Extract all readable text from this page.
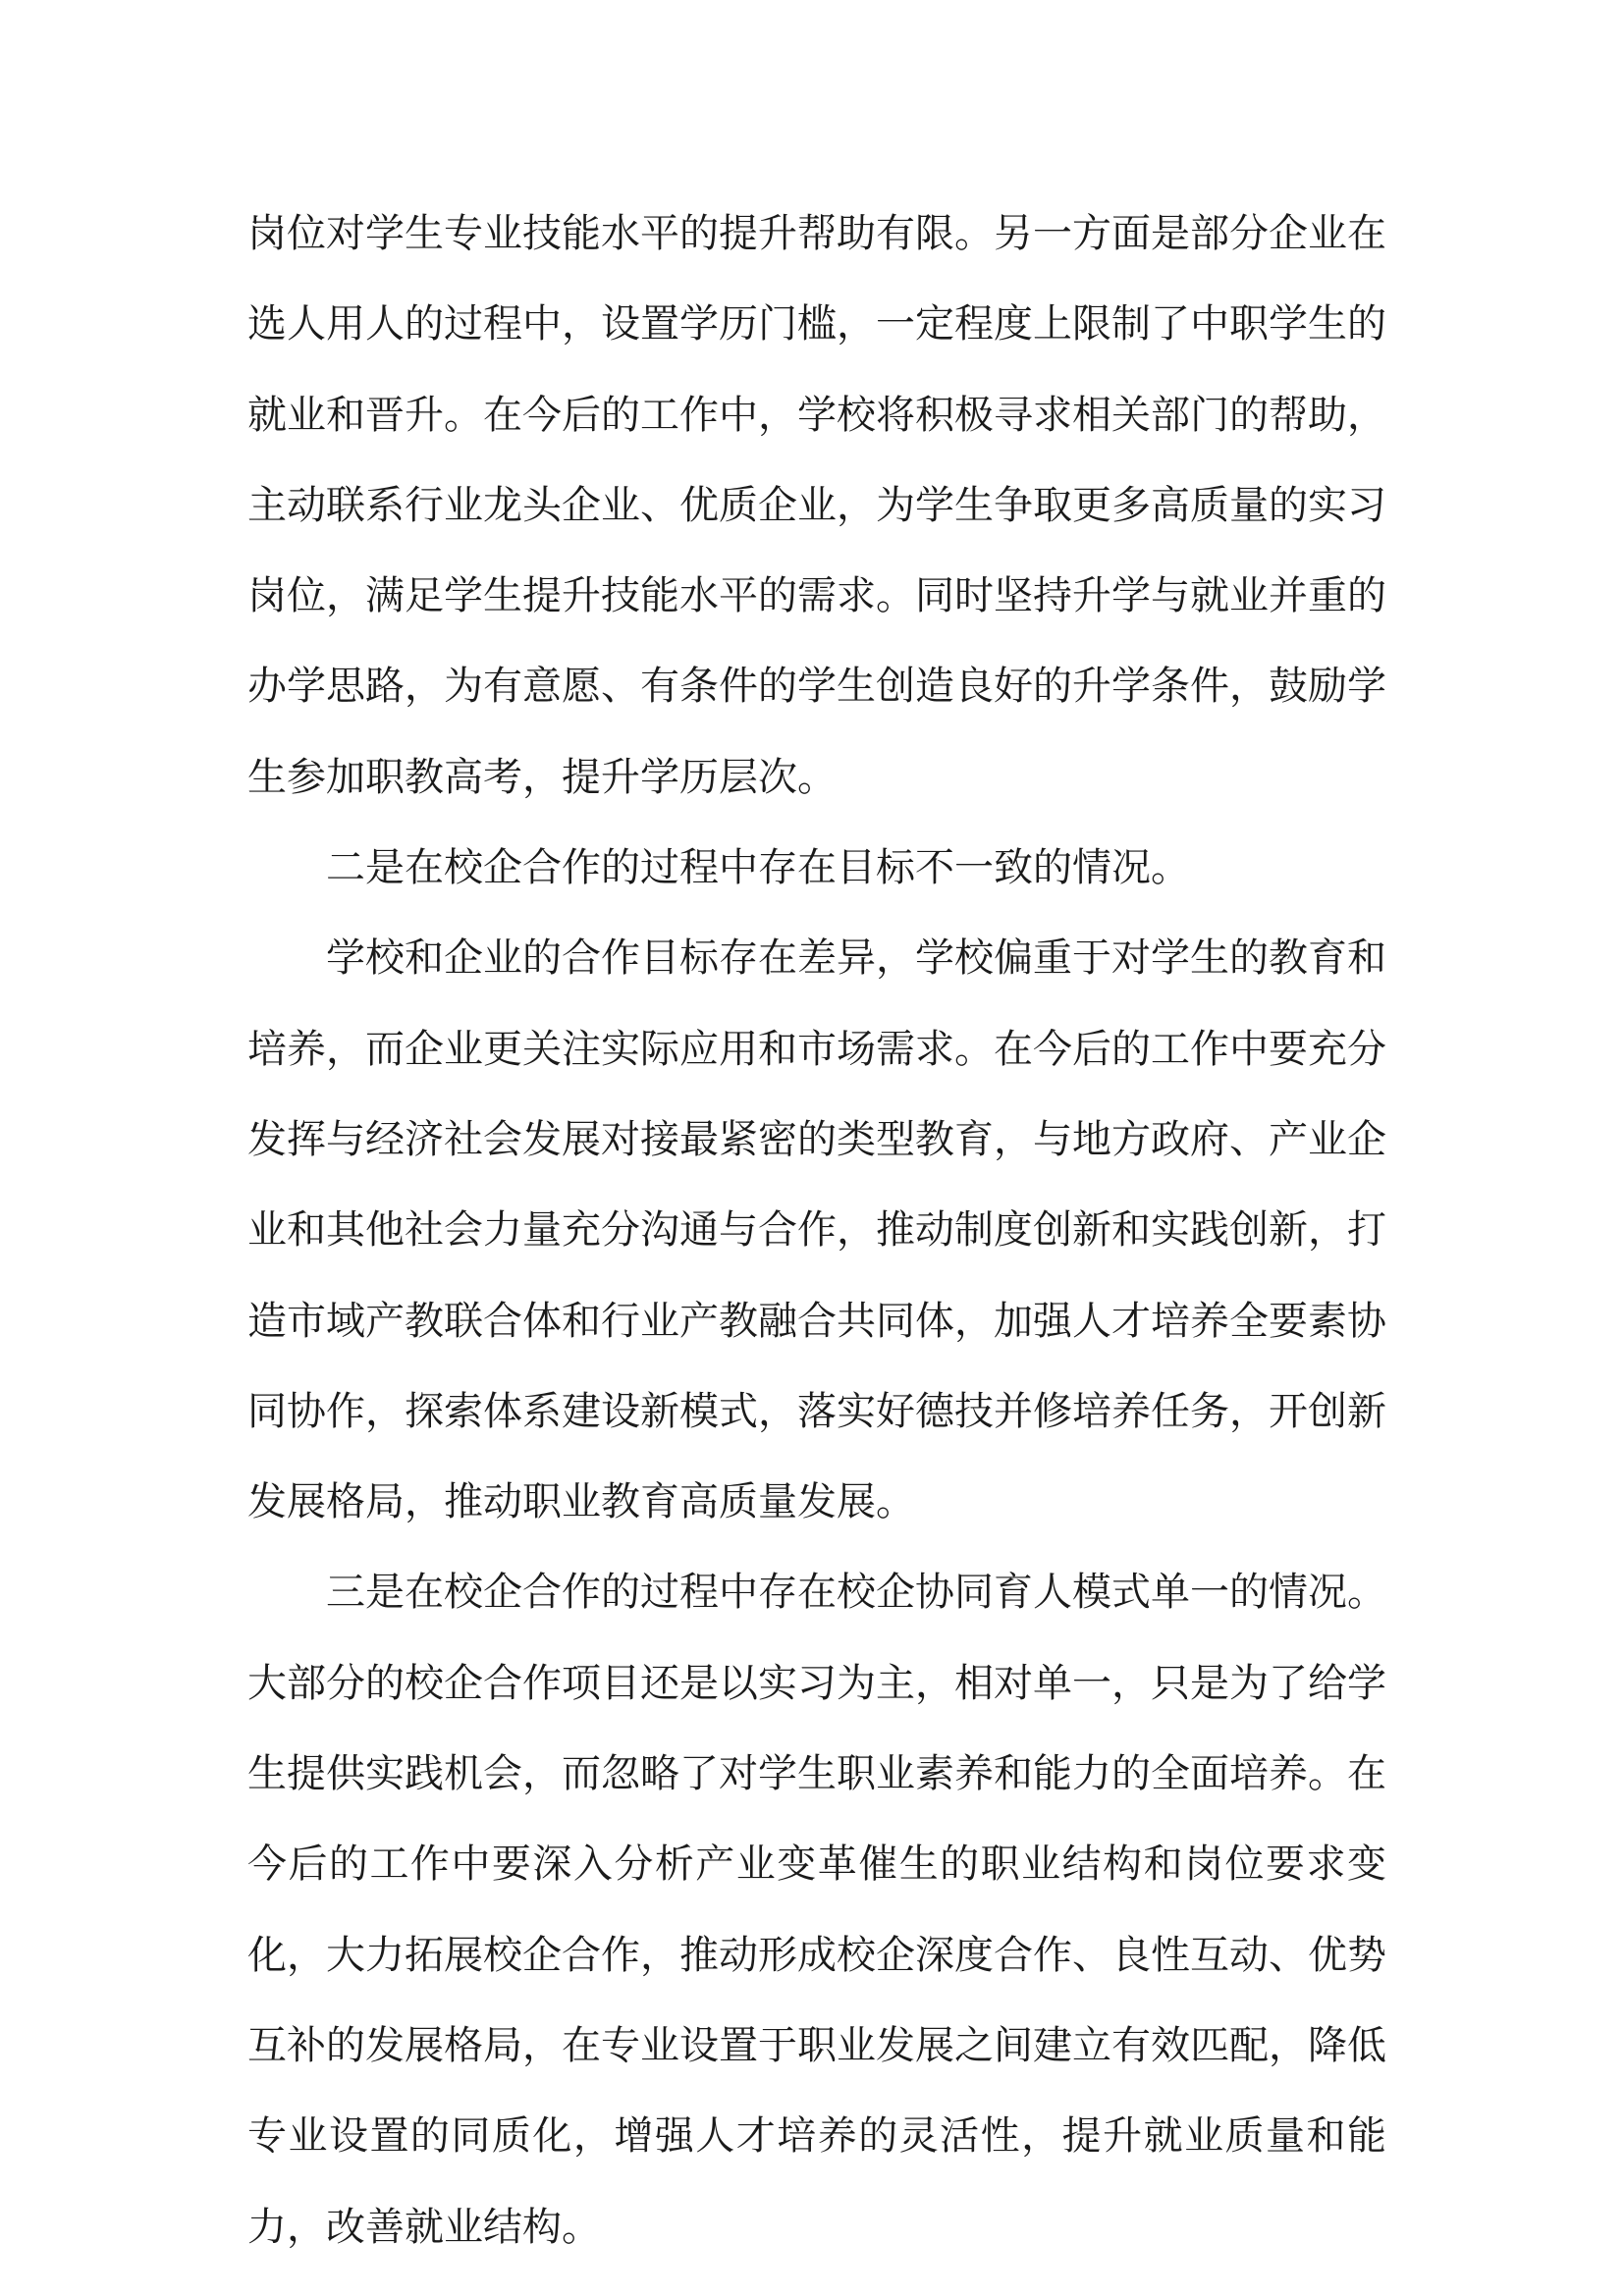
岗位对学生专业技能水平的提升帮助有限。另一方面是部分企业在选人用人的过程中，设置学历门槛，一定程度上限制了中职学生的就业和晋升。在今后的工作中，学校将积极寻求相关部门的帮助，主动联系行业龙头企业、优质企业，为学生争取更多高质量的实习岗位，满足学生提升技能水平的需求。同时坚持升学与就业并重的办学思路，为有意愿、有条件的学生创造良好的升学条件，鼓励学生参加职教高考，提升学历层次。

二是在校企合作的过程中存在目标不一致的情况。

学校和企业的合作目标存在差异，学校偏重于对学生的教育和培养，而企业更关注实际应用和市场需求。在今后的工作中要充分发挥与经济社会发展对接最紧密的类型教育，与地方政府、产业企业和其他社会力量充分沟通与合作，推动制度创新和实践创新，打造市域产教联合体和行业产教融合共同体，加强人才培养全要素协同协作，探索体系建设新模式，落实好德技并修培养任务，开创新发展格局，推动职业教育高质量发展。

三是在校企合作的过程中存在校企协同育人模式单一的情况。大部分的校企合作项目还是以实习为主，相对单一，只是为了给学生提供实践机会，而忽略了对学生职业素养和能力的全面培养。在今后的工作中要深入分析产业变革催生的职业结构和岗位要求变化，大力拓展校企合作，推动形成校企深度合作、良性互动、优势互补的发展格局，在专业设置于职业发展之间建立有效匹配，降低专业设置的同质化，增强人才培养的灵活性，提升就业质量和能力，改善就业结构。
